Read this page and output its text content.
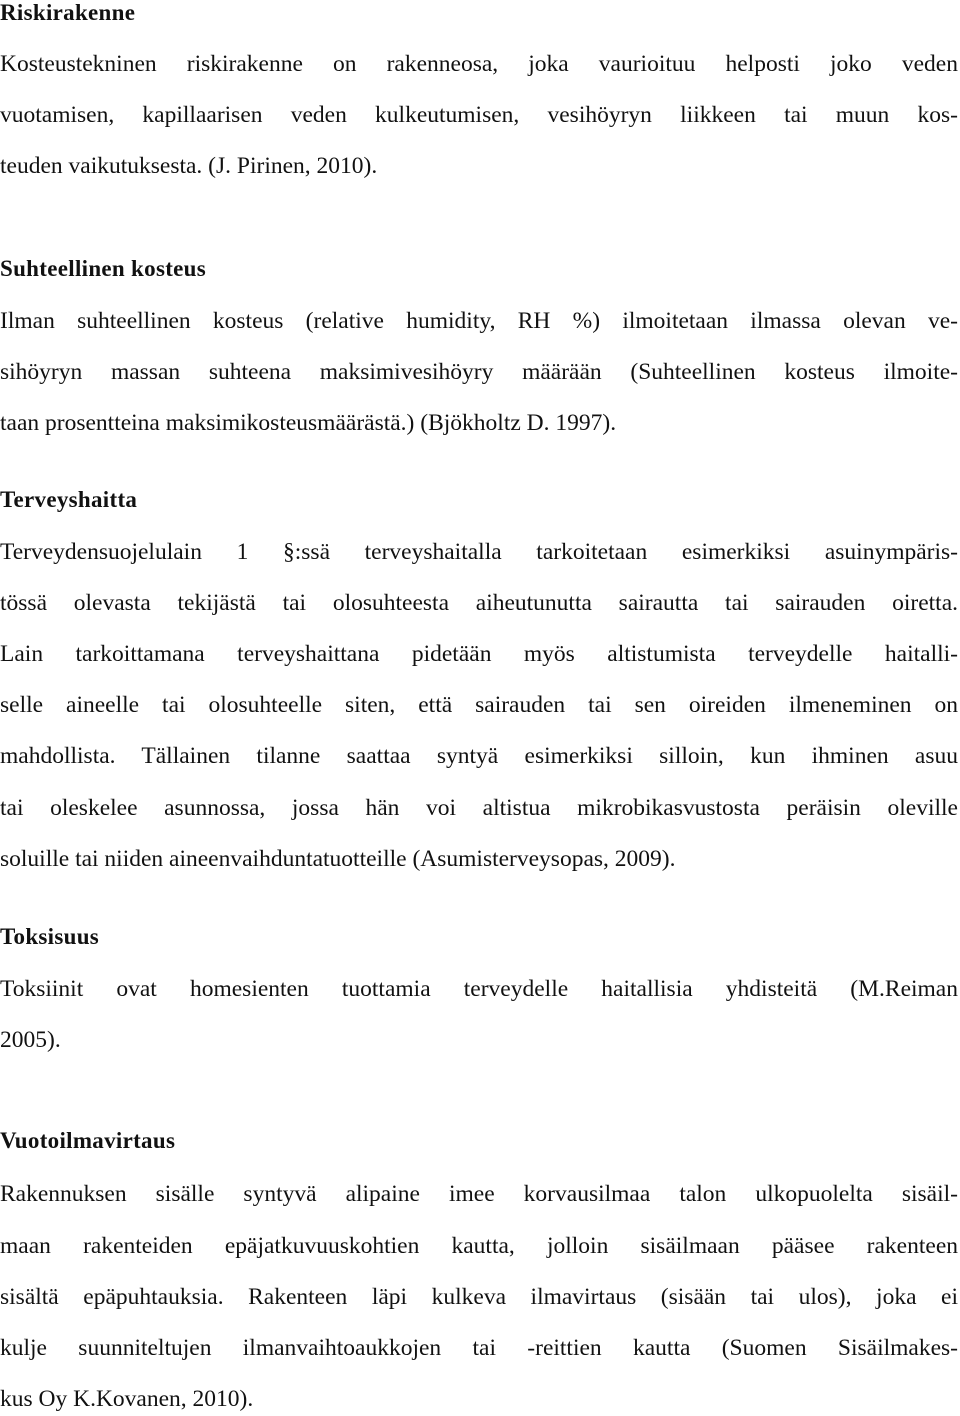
Riskirakenne

Kosteustekninen riskirakenne on rakenneosa, joka vaurioituu helposti joko veden

vuotamisen, kapillaarisen veden kulkeutumisen, vesihöyryn liikkeen tai muun kos-

teuden vaikutuksesta. (J. Pirinen, 2010).

Suhteellinen kosteus

Ilman suhteellinen kosteus (relative humidity, RH %) ilmoitetaan ilmassa olevan ve-

sihöyryn massan suhteena maksimivesihöyry määrään (Suhteellinen kosteus ilmoite-

taan prosentteina maksimikosteusmäärästä.) (Bjökholtz D. 1997).

Terveyshaitta

Terveydensuojelulain 1 §:ssä terveyshaitalla tarkoitetaan esimerkiksi asuinympäris-

tössä olevasta tekijästä tai olosuhteesta aiheutunutta sairautta tai sairauden oiretta.

Lain tarkoittamana terveyshaittana pidetään myös altistumista terveydelle haitalli-

selle aineelle tai olosuhteelle siten, että sairauden tai sen oireiden ilmeneminen on

mahdollista. Tällainen tilanne saattaa syntyä esimerkiksi silloin, kun ihminen asuu

tai oleskelee asunnossa, jossa hän voi altistua mikrobikasvustosta peräisin oleville

soluille tai niiden aineenvaihduntatuotteille (Asumisterveysopas, 2009).

Toksisuus

Toksiinit ovat homesienten tuottamia terveydelle haitallisia yhdisteitä (M.Reiman

2005).

Vuotoilmavirtaus

Rakennuksen sisälle syntyvä alipaine imee korvausilmaa talon ulkopuolelta sisäil-

maan rakenteiden epäjatkuvuuskohtien kautta, jolloin sisäilmaan pääsee rakenteen

sisältä epäpuhtauksia. Rakenteen läpi kulkeva ilmavirtaus (sisään tai ulos), joka ei

kulje suunniteltujen ilmanvaihtoaukkojen tai -reittien kautta (Suomen Sisäilmakes-

kus Oy K.Kovanen, 2010).
